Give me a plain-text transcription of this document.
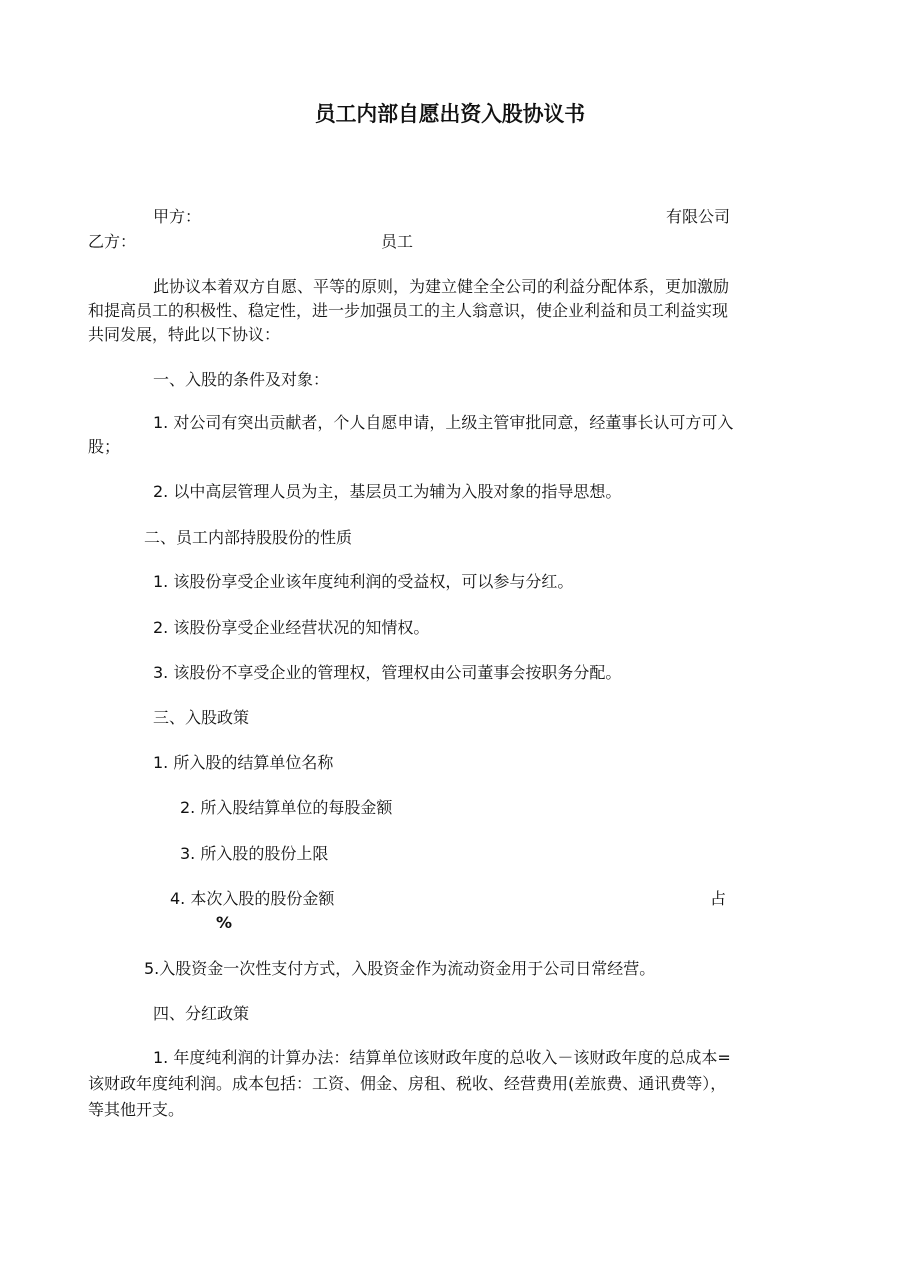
员工内部自愿出资入股协议书
甲方：	有限公司
乙方：	员工
此协议本着双方自愿、平等的原则，为建立健全全公司的利益分配体系，更加激励
和提高员工的积极性、稳定性，进一步加强员工的主人翁意识，使企业利益和员工利益实现
共同发展，特此以下协议：
一、入股的条件及对象：
1. 对公司有突出贡献者，个人自愿申请，上级主管审批同意，经董事长认可方可入
股；
2. 以中高层管理人员为主，基层员工为辅为入股对象的指导思想。
二、员工内部持股股份的性质
1. 该股份享受企业该年度纯利润的受益权，可以参与分红。
2. 该股份享受企业经营状况的知情权。
3. 该股份不享受企业的管理权，管理权由公司董事会按职务分配。
三、入股政策
1. 所入股的结算单位名称
2. 所入股结算单位的每股金额
3. 所入股的股份上限
4. 本次入股的股份金额	占
%
5.入股资金一次性支付方式，入股资金作为流动资金用于公司日常经营。
四、分红政策
1. 年度纯利润的计算办法：结算单位该财政年度的总收入－该财政年度的总成本=
该财政年度纯利润。成本包括：工资、佣金、房租、税收、经营费用(差旅费、通讯费等），
等其他开支。
